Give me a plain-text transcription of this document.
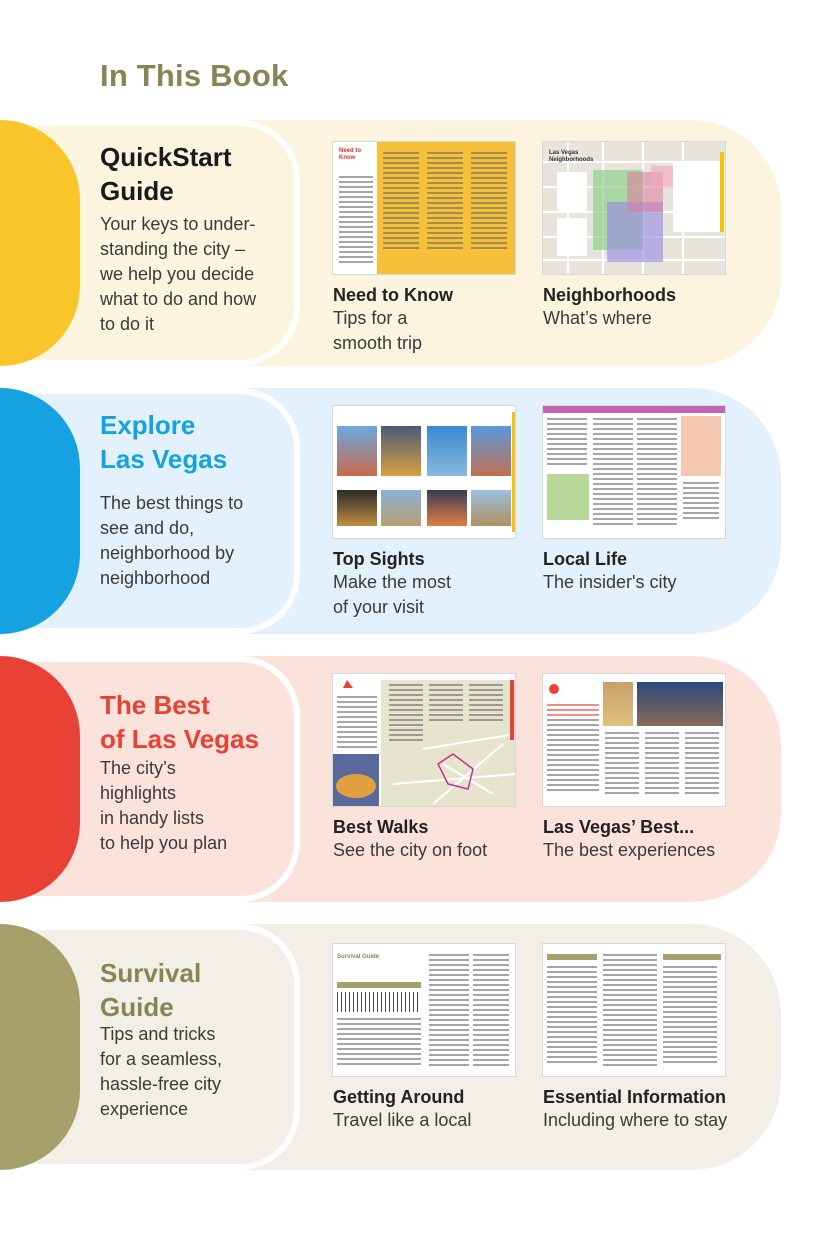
In This Book
QuickStart
Guide
Your keys to under-
standing the city –
we help you decide
what to do and how
to do it
Need to Know
Need to Know
Tips for a
smooth trip
Las Vegas Neighborhoods
Neighborhoods
What’s where
Explore
Las Vegas
The best things to
see and do,
neighborhood by
neighborhood
Top Sights
Make the most
of your visit
Local Life
The insider's city
The Best
of Las Vegas
The city’s
highlights
in handy lists
to help you plan
Best Walks
See the city on foot
Las Vegas’ Best...
The best experiences
Survival
Guide
Tips and tricks
for a seamless,
hassle-free city
experience
Survival Guide
Getting Around
Travel like a local
Essential Information
Including where to stay
